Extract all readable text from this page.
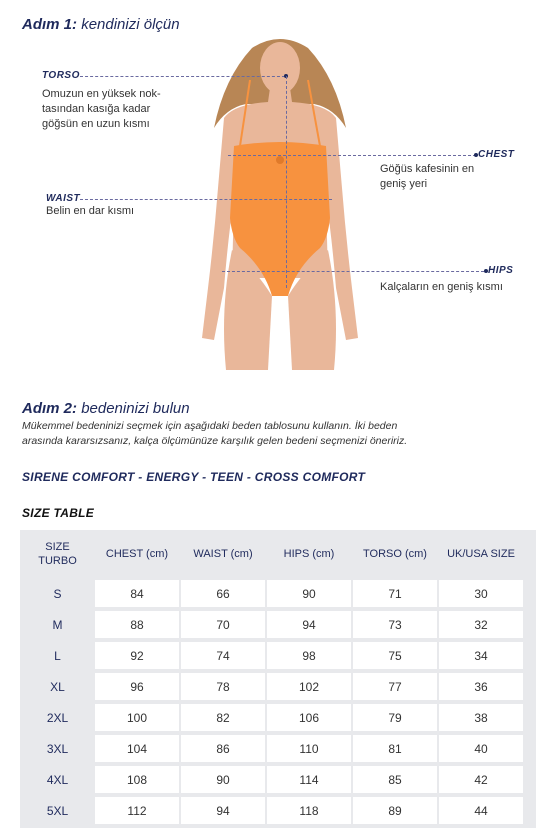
Adım 1: kendinizi ölçün
TORSO
Omuzun en yüksek nok-
tasından kasığa kadar
göğsün en uzun kısmı
CHEST
Göğüs kafesinin en
geniş yeri
WAIST
Belin en dar kısmı
HIPS
Kalçaların en geniş kısmı
Adım 2: bedeninizi bulun
Mükemmel bedeninizi seçmek için aşağıdaki beden tablosunu kullanın. İki beden
arasında kararsızsanız, kalça ölçümünüze karşılık gelen bedeni seçmenizi öneririz.
SIRENE COMFORT - ENERGY - TEEN - CROSS COMFORT
SIZE TABLE
SIZE
TURBO
CHEST (cm)	WAIST (cm)	HIPS (cm)	TORSO (cm)	UK/USA SIZE
S	84	66	90	71	30
M	88	70	94	73	32
L	92	74	98	75	34
XL	96	78	102	77	36
2XL	100	82	106	79	38
3XL	104	86	110	81	40
4XL	108	90	114	85	42
5XL	112	94	118	89	44
